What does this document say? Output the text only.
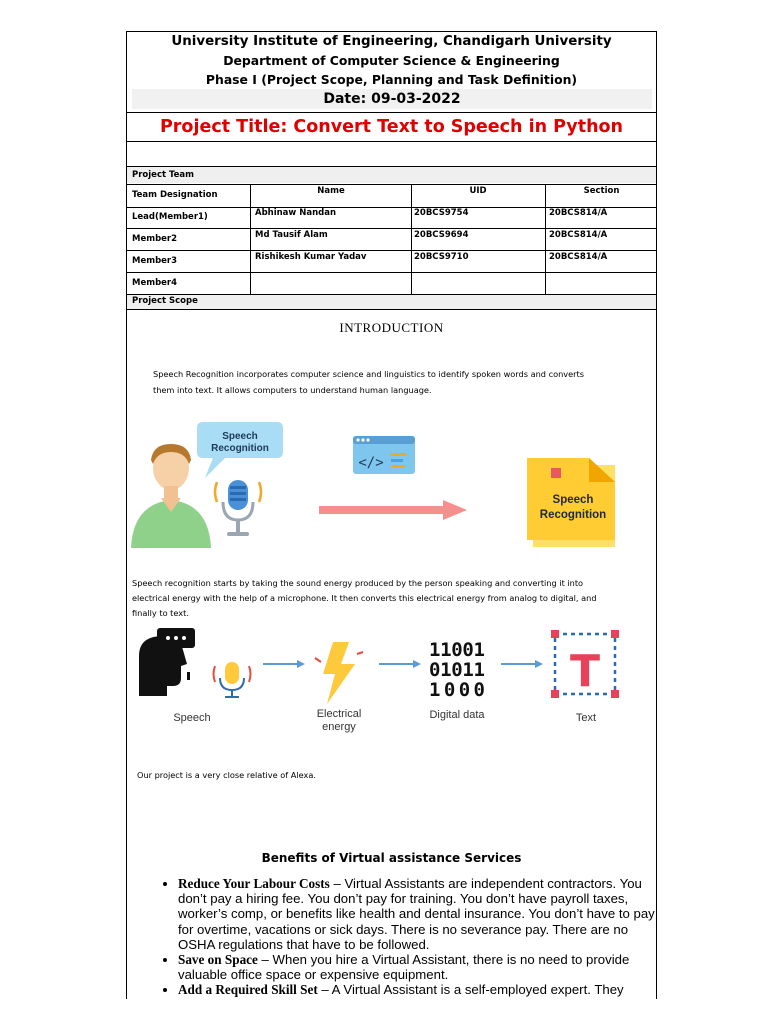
University Institute of Engineering, Chandigarh University
Department of Computer Science & Engineering
Phase I (Project Scope, Planning and Task Definition)
Date: 09-03-2022
Project Title: Convert Text to Speech in Python
Project Team
Team Designation	Name	UID	Section
Lead(Member1)	Abhinaw Nandan	20BCS9754	20BCS814/A
Member2	Md Tausif Alam	20BCS9694	20BCS814/A
Member3	Rishikesh Kumar Yadav	20BCS9710	20BCS814/A
Member4
Project Scope
INTRODUCTION
Speech Recognition incorporates computer science and linguistics to identify spoken words and converts
them into text. It allows computers to understand human language.
Speech
Recognition
</>
Speech
Recognition
Speech recognition starts by taking the sound energy produced by the person speaking and converting it into
electrical energy with the help of a microphone. It then converts this electrical energy from analog to digital, and
finally to text.
11001
01011
1000 T
Speech	Electrical
energy
Digital data	Text
Our project is a very close relative of Alexa.
Benefits of Virtual assistance Services
• Reduce Your Labour Costs – Virtual Assistants are independent contractors. You don’t pay a hiring fee. You don’t pay for training. You don’t have payroll taxes, worker’s comp, or benefits like health and dental insurance. You don’t have to pay for overtime, vacations or sick days. There is no severance pay. There are no OSHA regulations that have to be followed.
• Save on Space – When you hire a Virtual Assistant, there is no need to provide valuable office space or expensive equipment.
• Add a Required Skill Set – A Virtual Assistant is a self-employed expert. They
